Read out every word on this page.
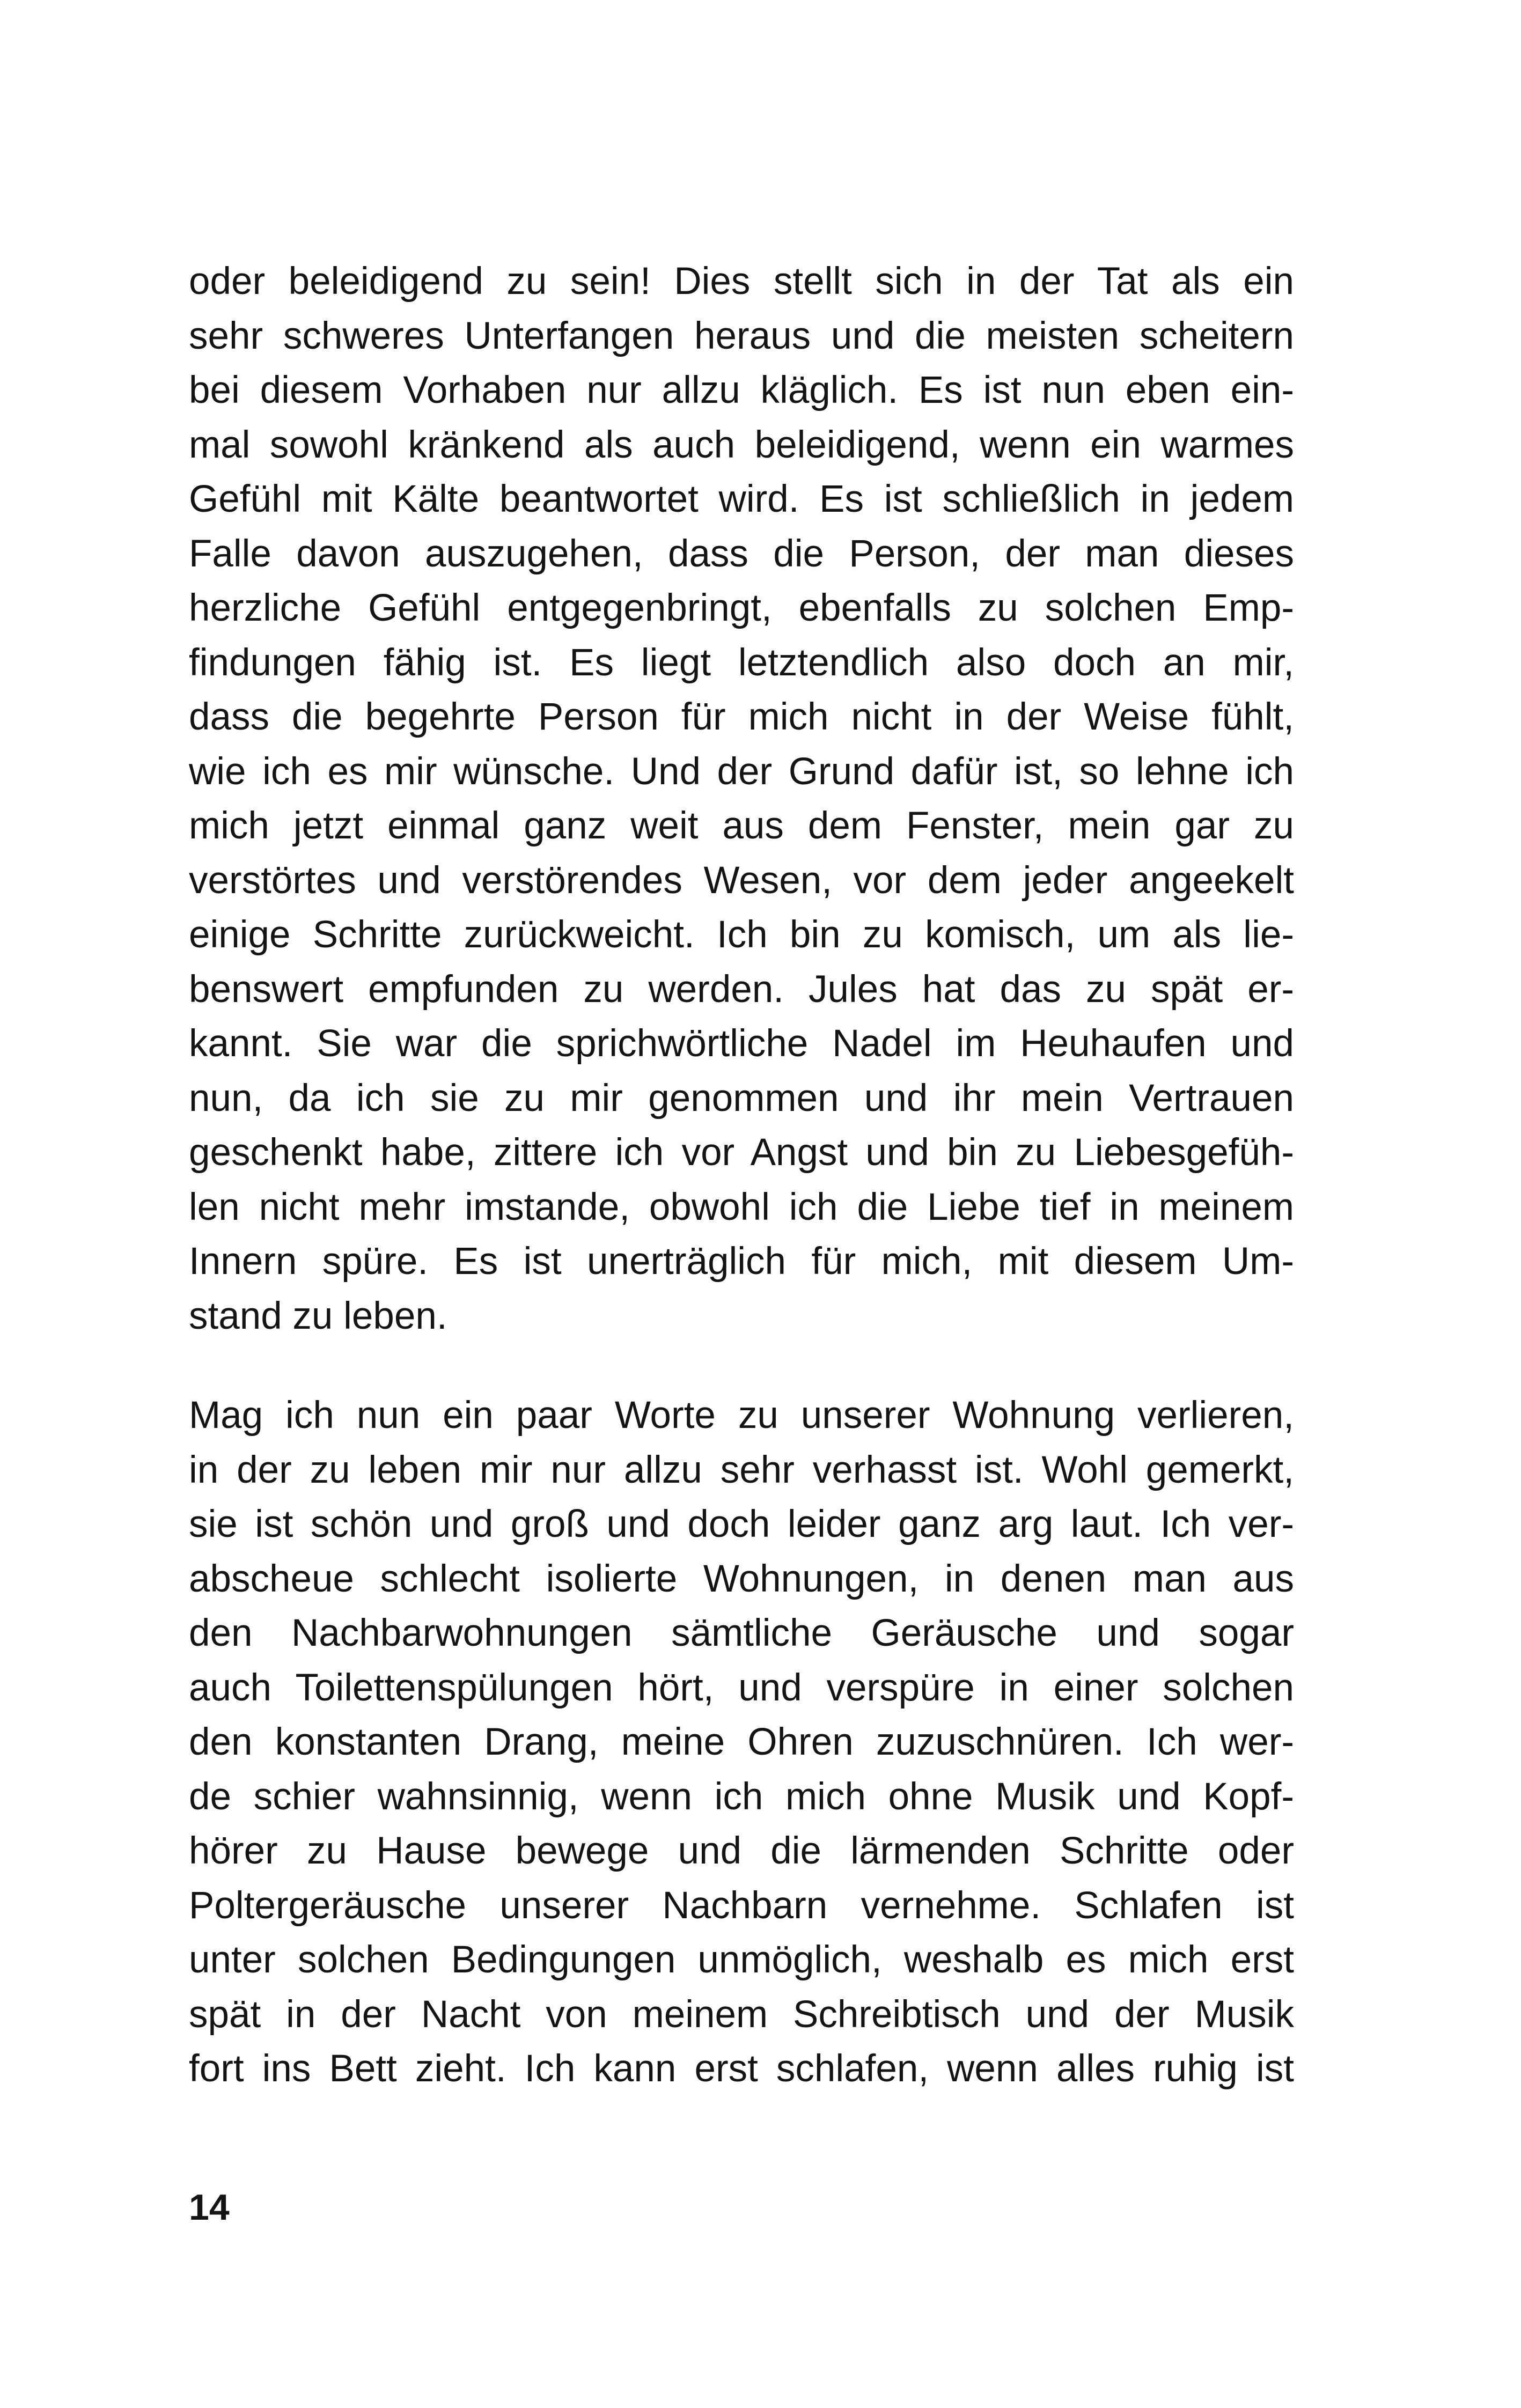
oder beleidigend zu sein! Dies stellt sich in der Tat als ein
sehr schweres Unterfangen heraus und die meisten scheitern
bei diesem Vorhaben nur allzu kläglich. Es ist nun eben ein-
mal sowohl kränkend als auch beleidigend, wenn ein warmes
Gefühl mit Kälte beantwortet wird. Es ist schließlich in jedem
Falle davon auszugehen, dass die Person, der man dieses
herzliche Gefühl entgegenbringt, ebenfalls zu solchen Emp-
findungen fähig ist. Es liegt letztendlich also doch an mir,
dass die begehrte Person für mich nicht in der Weise fühlt,
wie ich es mir wünsche. Und der Grund dafür ist, so lehne ich
mich jetzt einmal ganz weit aus dem Fenster, mein gar zu
verstörtes und verstörendes Wesen, vor dem jeder angeekelt
einige Schritte zurückweicht. Ich bin zu komisch, um als lie-
benswert empfunden zu werden. Jules hat das zu spät er-
kannt. Sie war die sprichwörtliche Nadel im Heuhaufen und
nun, da ich sie zu mir genommen und ihr mein Vertrauen
geschenkt habe, zittere ich vor Angst und bin zu Liebesgefüh-
len nicht mehr imstande, obwohl ich die Liebe tief in meinem
Innern spüre. Es ist unerträglich für mich, mit diesem Um-
stand zu leben.
Mag ich nun ein paar Worte zu unserer Wohnung verlieren,
in der zu leben mir nur allzu sehr verhasst ist. Wohl gemerkt,
sie ist schön und groß und doch leider ganz arg laut. Ich ver-
abscheue schlecht isolierte Wohnungen, in denen man aus
den Nachbarwohnungen sämtliche Geräusche und sogar
auch Toilettenspülungen hört, und verspüre in einer solchen
den konstanten Drang, meine Ohren zuzuschnüren. Ich wer-
de schier wahnsinnig, wenn ich mich ohne Musik und Kopf-
hörer zu Hause bewege und die lärmenden Schritte oder
Poltergeräusche unserer Nachbarn vernehme. Schlafen ist
unter solchen Bedingungen unmöglich, weshalb es mich erst
spät in der Nacht von meinem Schreibtisch und der Musik
fort ins Bett zieht. Ich kann erst schlafen, wenn alles ruhig ist
14
